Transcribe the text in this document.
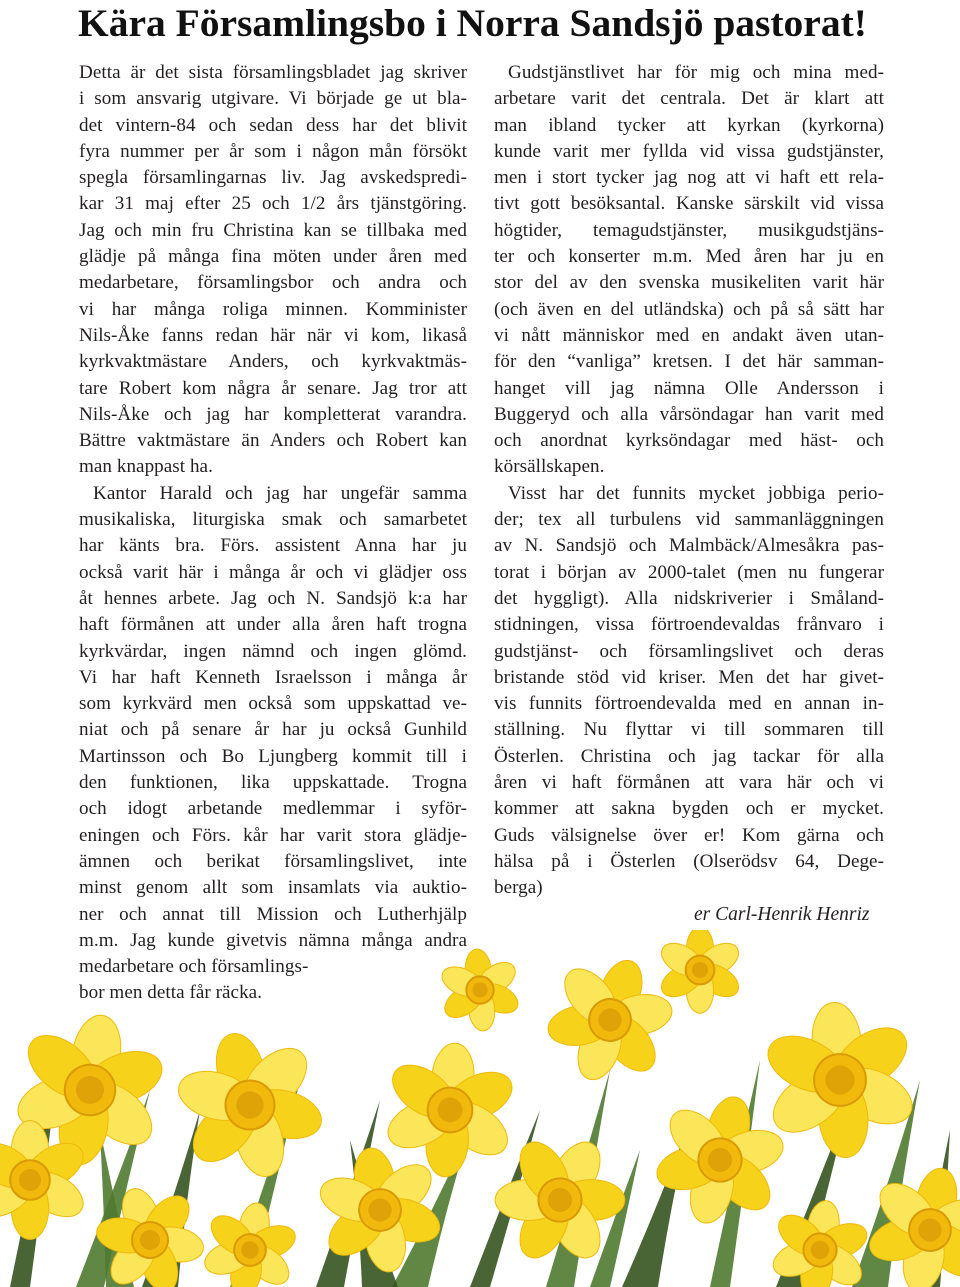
Kära Församlingsbo i Norra Sandsjö pastorat!
Detta är det sista församlingsbladet jag skriver
i som ansvarig utgivare. Vi började ge ut bla-
det vintern-84 och sedan dess har det blivit
fyra nummer per år som i någon mån försökt
spegla församlingarnas liv. Jag avskedspredi-
kar 31 maj efter 25 och 1/2 års tjänstgöring.
Jag och min fru Christina kan se tillbaka med
glädje på många fina möten under åren med
medarbetare, församlingsbor och andra och
vi har många roliga minnen. Komminister
Nils-Åke fanns redan här när vi kom, likaså
kyrkvaktmästare Anders, och kyrkvaktmäs-
tare Robert kom några år senare. Jag tror att
Nils-Åke och jag har kompletterat varandra.
Bättre vaktmästare än Anders och Robert kan
man knappast ha.
Kantor Harald och jag har ungefär samma
musikaliska, liturgiska smak och samarbetet
har känts bra. Förs. assistent Anna har ju
också varit här i många år och vi glädjer oss
åt hennes arbete. Jag och N. Sandsjö k:a har
haft förmånen att under alla åren haft trogna
kyrkvärdar, ingen nämnd och ingen glömd.
Vi har haft Kenneth Israelsson i många år
som kyrkvärd men också som uppskattad ve-
niat och på senare år har ju också Gunhild
Martinsson och Bo Ljungberg kommit till i
den funktionen, lika uppskattade. Trogna
och idogt arbetande medlemmar i syför-
eningen och Förs. kår har varit stora glädje-
ämnen och berikat församlingslivet, inte
minst genom allt som insamlats via auktio-
ner och annat till Mission och Lutherhjälp
m.m. Jag kunde givetvis nämna många andra
medarbetare och församlings-
bor men detta får räcka.
Gudstjänstlivet har för mig och mina med-
arbetare varit det centrala. Det är klart att
man ibland tycker att kyrkan (kyrkorna)
kunde varit mer fyllda vid vissa gudstjänster,
men i stort tycker jag nog att vi haft ett rela-
tivt gott besöksantal. Kanske särskilt vid vissa
högtider, temagudstjänster, musikgudstjäns-
ter och konserter m.m. Med åren har ju en
stor del av den svenska musikeliten varit här
(och även en del utländska) och på så sätt har
vi nått människor med en andakt även utan-
för den “vanliga” kretsen. I det här samman-
hanget vill jag nämna Olle Andersson i
Buggeryd och alla vårsöndagar han varit med
och anordnat kyrksöndagar med häst- och
körsällskapen.
Visst har det funnits mycket jobbiga perio-
der; tex all turbulens vid sammanläggningen
av N. Sandsjö och Malmbäck/Almesåkra pas-
torat i början av 2000-talet (men nu fungerar
det hyggligt). Alla nidskriverier i Småland-
stidningen, vissa förtroendevaldas frånvaro i
gudstjänst- och församlingslivet och deras
bristande stöd vid kriser. Men det har givet-
vis funnits förtroendevalda med en annan in-
ställning. Nu flyttar vi till sommaren till
Österlen. Christina och jag tackar för alla
åren vi haft förmånen att vara här och vi
kommer att sakna bygden och er mycket.
Guds välsignelse över er! Kom gärna och
hälsa på i Österlen (Olserödsv 64, Dege-
berga)
er Carl-Henrik Henriz
